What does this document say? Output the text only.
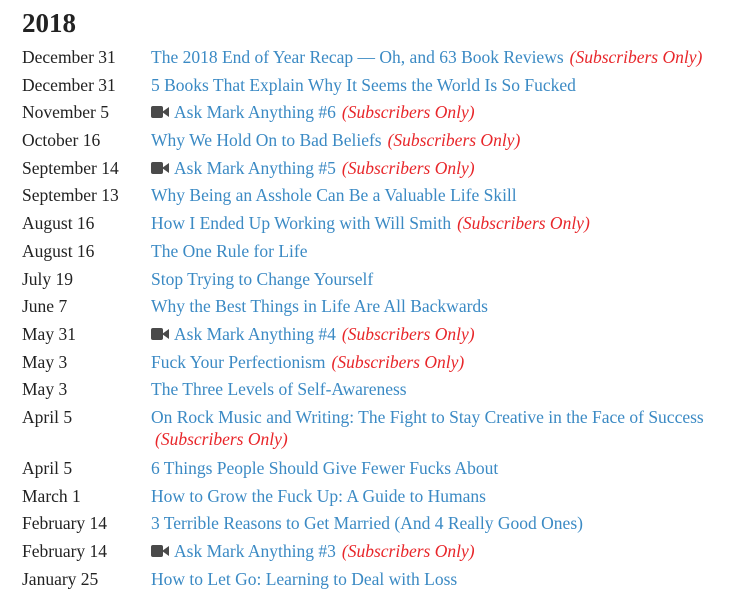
2018
December 31	The 2018 End of Year Recap — Oh, and 63 Book Reviews (Subscribers Only)
December 31	5 Books That Explain Why It Seems the World Is So Fucked
November 5	Ask Mark Anything #6 (Subscribers Only)
October 16	Why We Hold On to Bad Beliefs (Subscribers Only)
September 14	Ask Mark Anything #5 (Subscribers Only)
September 13	Why Being an Asshole Can Be a Valuable Life Skill
August 16	How I Ended Up Working with Will Smith (Subscribers Only)
August 16	The One Rule for Life
July 19	Stop Trying to Change Yourself
June 7	Why the Best Things in Life Are All Backwards
May 31	Ask Mark Anything #4 (Subscribers Only)
May 3	Fuck Your Perfectionism (Subscribers Only)
May 3	The Three Levels of Self-Awareness
April 5	On Rock Music and Writing: The Fight to Stay Creative in the Face of Success
(Subscribers Only)
April 5	6 Things People Should Give Fewer Fucks About
March 1	How to Grow the Fuck Up: A Guide to Humans
February 14	3 Terrible Reasons to Get Married (And 4 Really Good Ones)
February 14	Ask Mark Anything #3 (Subscribers Only)
January 25	How to Let Go: Learning to Deal with Loss
